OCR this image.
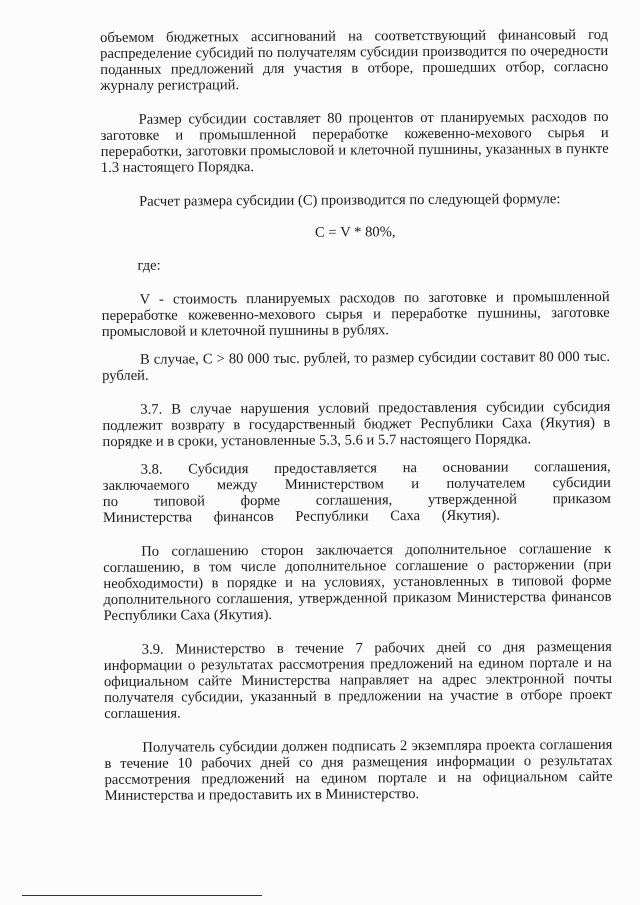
объемом бюджетных ассигнований на соответствующий финансовый год распределение субсидий по получателям субсидии производится по очередности поданных предложений для участия в отборе, прошедших отбор, согласно журналу регистраций.

Размер субсидии составляет 80 процентов от планируемых расходов по заготовке и промышленной переработке кожевенно-мехового сырья и переработки, заготовки промысловой и клеточной пушнины, указанных в пункте 1.3 настоящего Порядка.

Расчет размера субсидии (С) производится по следующей формуле:

С = V * 80%,

где:

V - стоимость планируемых расходов по заготовке и промышленной переработке кожевенно-мехового сырья и переработке пушнины, заготовке промысловой и клеточной пушнины в рублях.

В случае, С > 80 000 тыс. рублей, то размер субсидии составит 80 000 тыс. рублей.

3.7. В случае нарушения условий предоставления субсидии субсидия подлежит возврату в государственный бюджет Республики Саха (Якутия) в порядке и в сроки, установленные 5.3, 5.6 и 5.7 настоящего Порядка.

3.8. Субсидия предоставляется на основании соглашения, заключаемого между Министерством и получателем субсидии по типовой форме соглашения, утвержденной приказом Министерства финансов Республики Саха (Якутия).

По соглашению сторон заключается дополнительное соглашение к соглашению, в том числе дополнительное соглашение о расторжении (при необходимости) в порядке и на условиях, установленных в типовой форме дополнительного соглашения, утвержденной приказом Министерства финансов Республики Саха (Якутия).

3.9. Министерство в течение 7 рабочих дней со дня размещения информации о результатах рассмотрения предложений на едином портале и на официальном сайте Министерства направляет на адрес электронной почты получателя субсидии, указанный в предложении на участие в отборе проект соглашения.

Получатель субсидии должен подписать 2 экземпляра проекта соглашения в течение 10 рабочих дней со дня размещения информации о результатах рассмотрения предложений на едином портале и на официальном сайте Министерства и предоставить их в Министерство.
